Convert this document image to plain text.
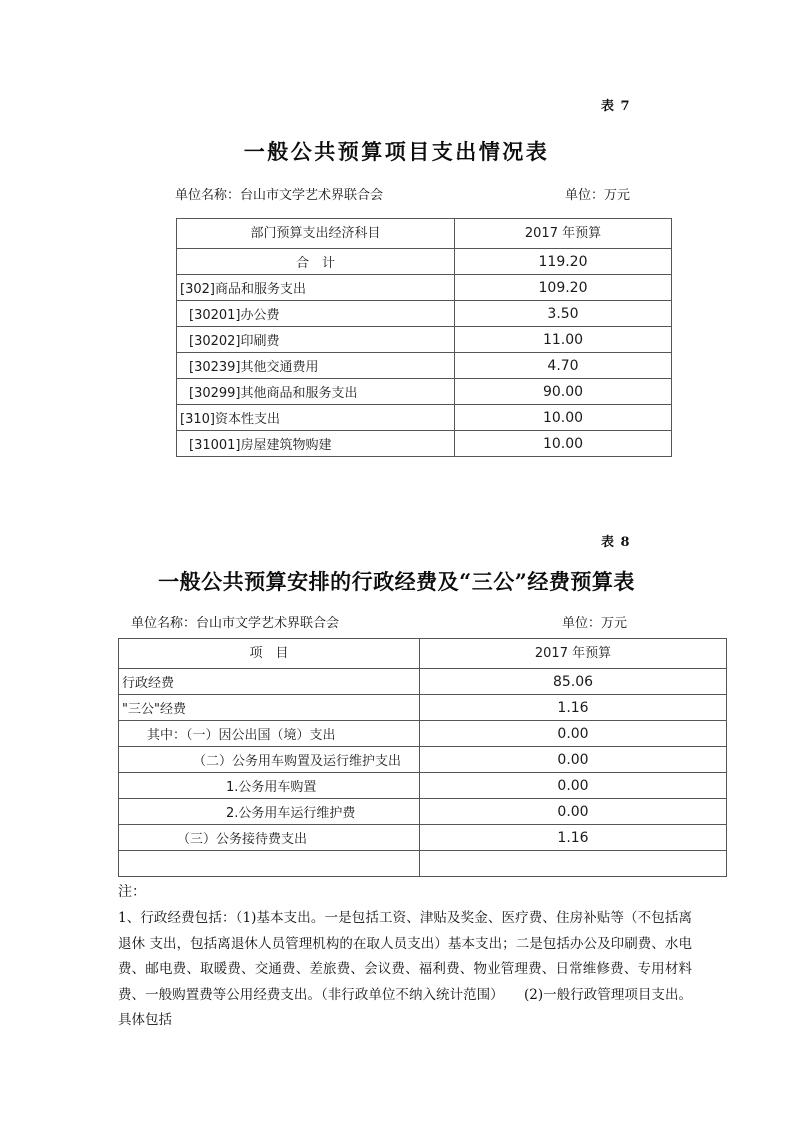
表 7
一般公共预算项目支出情况表
单位名称：台山市文学艺术界联合会	单位：万元
部门预算支出经济科目	2017 年预算
合　计	119.20
[302]商品和服务支出	109.20
[30201]办公费	3.50
[30202]印刷费	11.00
[30239]其他交通费用	4.70
[30299]其他商品和服务支出	90.00
[310]资本性支出	10.00
[31001]房屋建筑物购建	10.00
表 8
一般公共预算安排的行政经费及“三公”经费预算表
单位名称：台山市文学艺术界联合会	单位：万元
项　目	2017 年预算
行政经费	85.06
"三公"经费	1.16
其中：（一）因公出国（境）支出	0.00
（二）公务用车购置及运行维护支出	0.00
1.公务用车购置	0.00
2.公务用车运行维护费	0.00
（三）公务接待费支出	1.16

注：

1、行政经费包括：（1)基本支出。一是包括工资、津贴及奖金、医疗费、住房补贴等（不包括离退休 支出，包括离退休人员管理机构的在取人员支出）基本支出；二是包括办公及印刷费、水电费、邮电费、取暖费、交通费、差旅费、会议费、福利费、物业管理费、日常维修费、专用材料费、一般购置费等公用经费支出。（非行政单位不纳入统计范围）　　(2)一般行政管理项目支出。具体包括
